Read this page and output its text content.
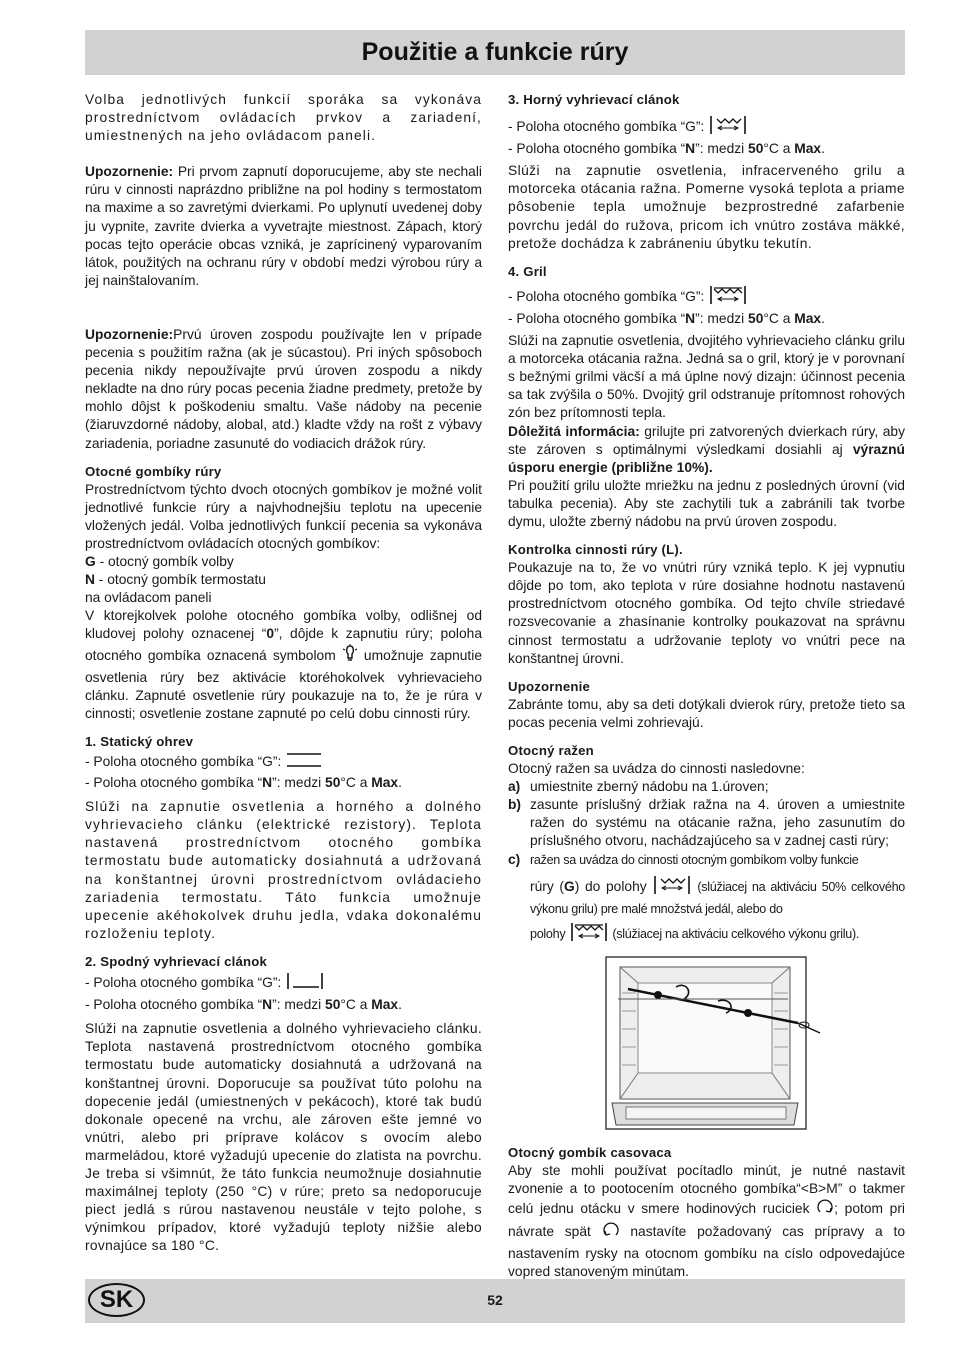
Použitie a funkcie rúry

Volba jednotlivých funkcií sporáka sa vykonáva prostredníctvom ovládacích prvkov a zariadení, umiestnených na jeho ovládacom paneli.

Upozornenie: Pri prvom zapnutí doporucujeme, aby ste nechali rúru v cinnosti naprázdno približne na pol hodiny s termostatom na maxime a so zavretými dvierkami. Po uplynutí uvedenej doby ju vypnite, zavrite dvierka a vyvetrajte miestnost. Zápach, ktorý pocas tejto operácie obcas vzniká, je zaprícinený vyparovaním látok, použitých na ochranu rúry v období medzi výrobou rúry a jej nainštalovaním.

Upozornenie:Prvú úroven zospodu používajte len v prípade pecenia s použitím ražna (ak je súcastou). Pri iných spôsoboch pecenia nikdy nepoužívajte prvú úroven zospodu a nikdy nekladte na dno rúry pocas pecenia žiadne predmety, pretože by mohlo dôjst k poškodeniu smaltu. Vaše nádoby na pecenie (žiaruvzdorné nádoby, alobal, atd.) kladte vždy na rošt z výbavy zariadenia, poriadne zasunuté do vodiacich drážok rúry.

Otocné gombíky rúry

Prostredníctvom týchto dvoch otocných gombíkov je možné volit jednotlivé funkcie rúry a najvhodnejšiu teplotu na upecenie vložených jedál. Volba jednotlivých funkcií pecenia sa vykonáva prostredníctvom ovládacích otocných gombíkov:

G - otocný gombík volby

N - otocný gombík termostatu

na ovládacom paneli

V ktorejkolvek polohe otocného gombíka volby, odlišnej od kludovej polohy oznacenej “0”, dôjde k zapnutiu rúry; poloha otocného gombíka oznacená symbolom  umožnuje zapnutie osvetlenia rúry bez aktivácie ktoréhokolvek vyhrievacieho clánku. Zapnuté osvetlenie rúry poukazuje na to, že je rúra v cinnosti; osvetlenie zostane zapnuté po celú dobu cinnosti rúry.

1. Statický ohrev

- Poloha otocného gombíka “G”:

- Poloha otocného gombíka “N”: medzi 50°C a Max.

Slúži na zapnutie osvetlenia a horného a dolného vyhrievacieho clánku (elektrické rezistory). Teplota nastavená prostredníctvom otocného gombíka termostatu bude automaticky dosiahnutá a udržovaná na konštantnej úrovni prostredníctvom ovládacieho zariadenia termostatu. Táto funkcia umožnuje upecenie akéhokolvek druhu jedla, vdaka dokonalému rozloženiu teploty.

2. Spodný vyhrievací clánok

- Poloha otocného gombíka “G”:

- Poloha otocného gombíka “N”: medzi 50°C a Max.

Slúži na zapnutie osvetlenia a dolného vyhrievacieho clánku. Teplota nastavená prostredníctvom otocného gombíka termostatu bude automaticky dosiahnutá a udržovaná na konštantnej úrovni. Doporucuje sa používat túto polohu na dopecenie jedál (umiestnených v pekácoch), ktoré tak budú dokonale opecené na vrchu, ale zároven ešte jemné vo vnútri, alebo pri príprave kolácov s ovocím alebo marmeládou, ktoré vyžadujú upecenie do zlatista na povrchu. Je treba si všimnút, že táto funkcia neumožnuje dosiahnutie maximálnej teploty (250 °C) v rúre; preto sa nedoporucuje piect jedlá s rúrou nastavenou neustále v tejto polohe, s výnimkou prípadov, ktoré vyžadujú teploty nižšie alebo rovnajúce sa 180 °C.

3. Horný vyhrievací clánok

- Poloha otocného gombíka “G”:

- Poloha otocného gombíka “N”: medzi 50°C a Max.

Slúži na zapnutie osvetlenia, infracerveného grilu a motorceka otácania ražna. Pomerne vysoká teplota a priame pôsobenie tepla umožnuje bezprostredné zafarbenie povrchu jedál do ružova, pricom ich vnútro zostáva mäkké, pretože dochádza k zabráneniu úbytku tekutín.

4. Gril

- Poloha otocného gombíka “G”:

- Poloha otocného gombíka “N”: medzi 50°C a Max.

Slúži na zapnutie osvetlenia, dvojitého vyhrievacieho clánku grilu a motorceka otácania ražna. Jedná sa o gril, ktorý je v porovnaní s bežnými grilmi väcší a má úplne nový dizajn: účinnost pecenia sa tak zvýšila o 50%. Dvojitý gril odstranuje prítomnost rohových zón bez prítomnosti tepla.

Dôležitá informácia: grilujte pri zatvorených dvierkach rúry, aby ste zároven s optimálnymi výsledkami dosiahli aj výraznú úsporu energie (približne 10%).

Pri použití grilu uložte mriežku na jednu z posledných úrovní (vid tabulka pecenia). Aby ste zachytili tuk a zabránili tak tvorbe dymu, uložte zberný nádobu na prvú úroven zospodu.

Kontrolka cinnosti rúry (L).

Poukazuje na to, že vo vnútri rúry vzniká teplo. K jej vypnutiu dôjde po tom, ako teplota v rúre dosiahne hodnotu nastavenú prostredníctvom otocného gombíka. Od tejto chvíle striedavé rozsvecovanie a zhasínanie kontrolky poukazovat na správnu cinnost termostatu a udržovanie teploty vo vnútri pece na konštantnej úrovni.

Upozornenie

Zabránte tomu, aby sa deti dotýkali dvierok rúry, pretože tieto sa pocas pecenia velmi zohrievajú.

Otocný ražen

Otocný ražen sa uvádza do cinnosti nasledovne:

a) umiestnite zberný nádobu na 1.úroven;
b) zasunte príslušný držiak ražna na 4. úroven a umiestnite ražen do systému na otácanie ražna, jeho zasunutím do príslušného otvoru, nachádzajúceho sa v zadnej casti rúry;
c) ražen sa uvádza do cinnosti otocným gombíkom volby funkcie

rúry (G) do polohy	(slúžiacej na aktiváciu 50% celkového výkonu grilu) pre malé množstvá jedál, alebo do

polohy	(slúžiacej na aktiváciu celkového výkonu grilu).

Otocný gombík casovaca

Aby ste mohli používat pocítadlo minút, je nutné nastavit zvonenie a to pootocením otocného gombíka“<B>M” o takmer celú jednu otácku v smere hodinových ruciciek ; potom pri návrate spät  nastavíte požadovaný cas prípravy a to nastavením rysky na otocnom gombíku na císlo odpovedajúce vopred stanoveným minútam.

SK	52
